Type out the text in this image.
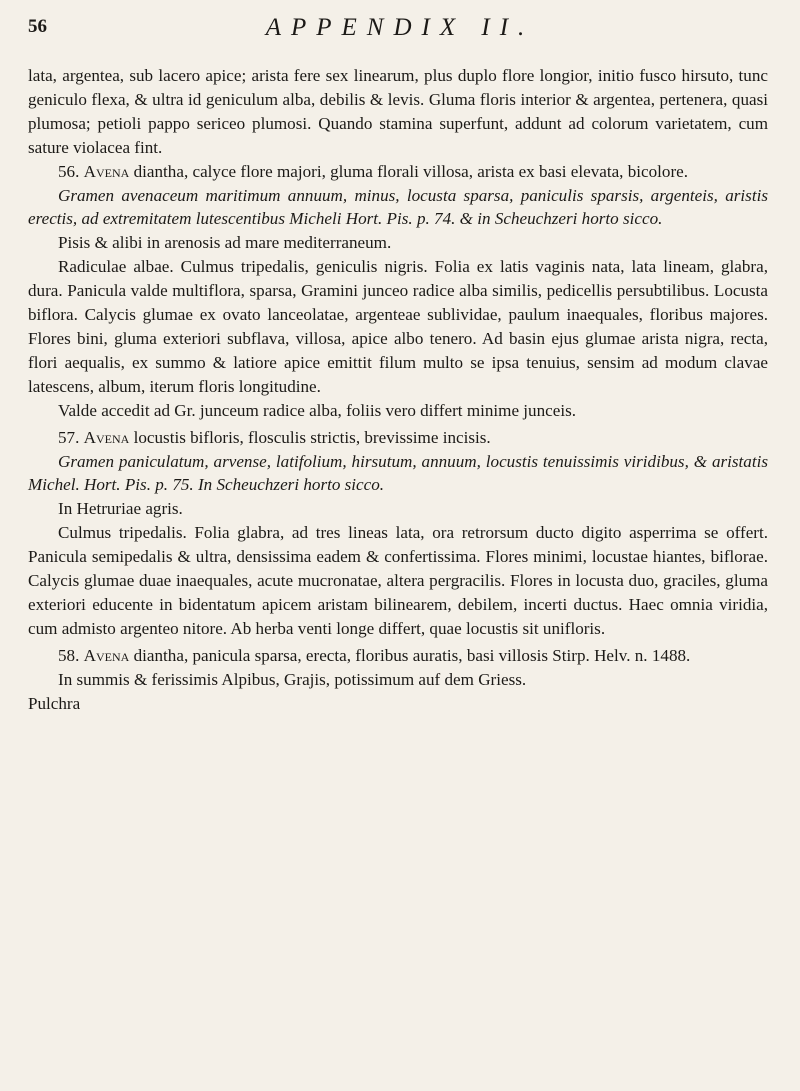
56	APPENDIX II.

lata, argentea, sub lacero apice; arista fere sex linearum, plus duplo flore longior, initio fusco hirsuto, tunc geniculo flexa, & ultra id geniculum alba, debilis & levis. Gluma floris interior & argentea, pertenera, quasi plumosa; petioli pappo sericeo plumosi. Quando stamina superfunt, addunt ad colorum varietatem, cum sature violacea fint.

56. Avena diantha, calyce flore majori, gluma florali villosa, arista ex basi elevata, bicolore.

Gramen avenaceum maritimum annuum, minus, locusta sparsa, paniculis sparsis, argenteis, aristis erectis, ad extremitatem lutescentibus Micheli Hort. Pis. p. 74. & in Scheuchzeri horto sicco.

Pisis & alibi in arenosis ad mare mediterraneum.

Radiculae albae. Culmus tripedalis, geniculis nigris. Folia ex latis vaginis nata, lata lineam, glabra, dura. Panicula valde multiflora, sparsa, Gramini junceo radice alba similis, pedicellis persubtilibus. Locusta biflora. Calycis glumae ex ovato lanceolatae, argenteae sublividae, paulum inaequales, floribus majores. Flores bini, gluma exteriori subflava, villosa, apice albo tenero. Ad basin ejus glumae arista nigra, recta, flori aequalis, ex summo & latiore apice emittit filum multo se ipsa tenuius, sensim ad modum clavae latescens, album, iterum floris longitudine.

Valde accedit ad Gr. junceum radice alba, foliis vero differt minime junceis.

57. Avena locustis bifloris, flosculis strictis, brevissime incisis.

Gramen paniculatum, arvense, latifolium, hirsutum, annuum, locustis tenuissimis viridibus, & aristatis Michel. Hort. Pis. p. 75. In Scheuchzeri horto sicco.

In Hetruriae agris.

Culmus tripedalis. Folia glabra, ad tres lineas lata, ora retrorsum ducto digito asperrima se offert. Panicula semipedalis & ultra, densissima eadem & confertissima. Flores minimi, locustae hiantes, biflorae. Calycis glumae duae inaequales, acute mucronatae, altera pergracilis. Flores in locusta duo, graciles, gluma exteriori educente in bidentatum apicem aristam bilinearem, debilem, incerti ductus. Haec omnia viridia, cum admisto argenteo nitore. Ab herba venti longe differt, quae locustis sit unifloris.

58. Avena diantha, panicula sparsa, erecta, floribus auratis, basi villosis Stirp. Helv. n. 1488.

In summis & ferissimis Alpibus, Grajis, potissimum auf dem Griess.

Pulchra
